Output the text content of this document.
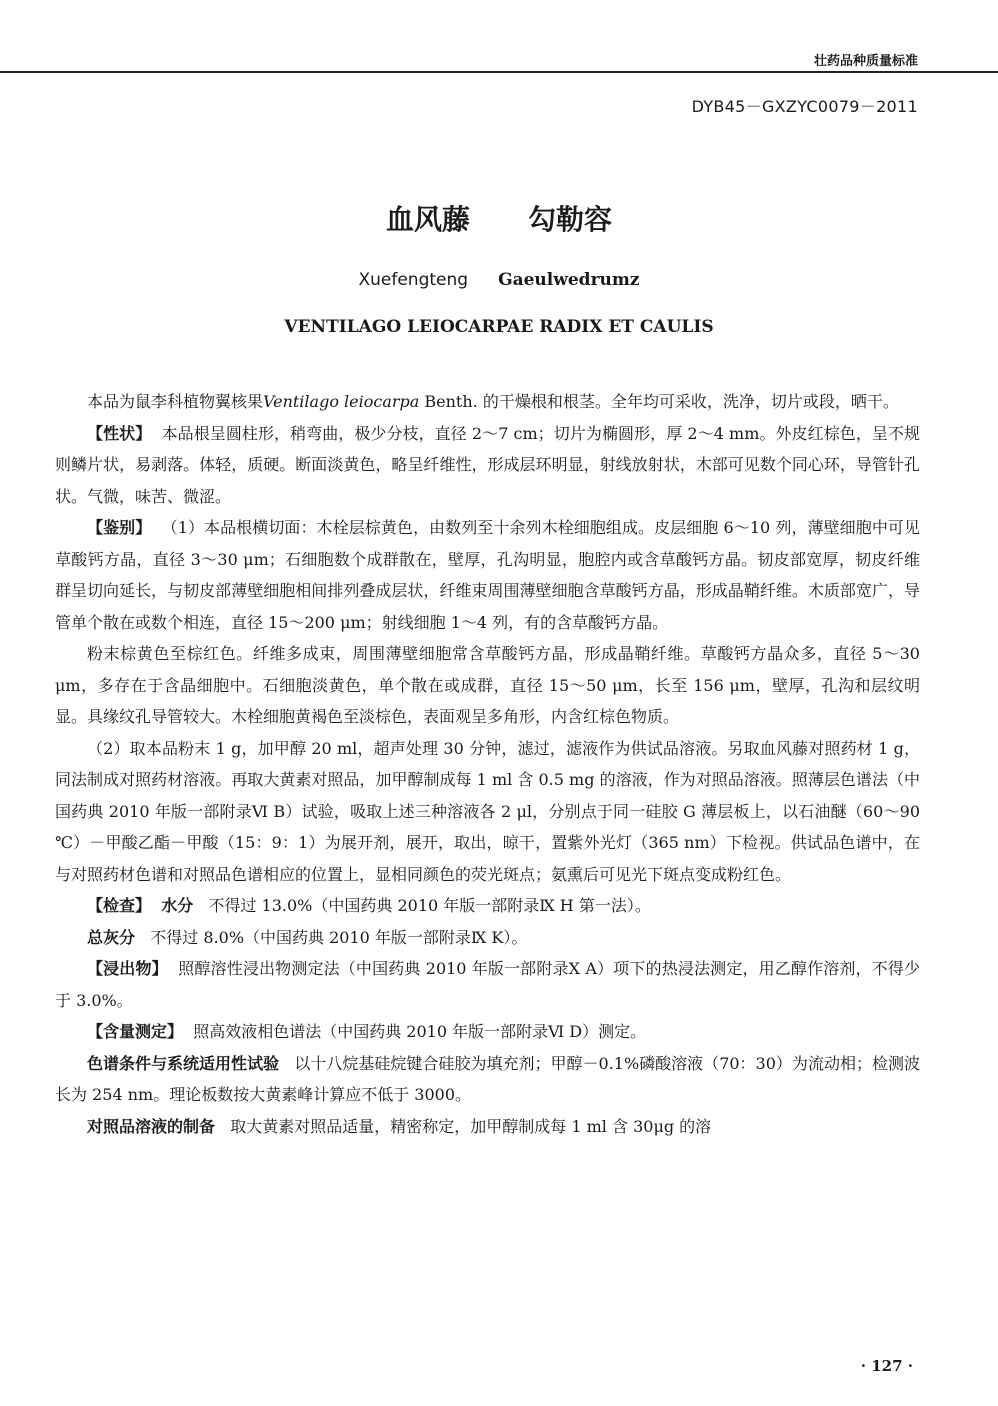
壮药品种质量标准
DYB45－GXZYC0079－2011
血风藤 勾勒容
Xuefengteng Gaeulwedrumz
VENTILAGO LEIOCARPAE RADIX ET CAULIS

本品为鼠李科植物翼核果Ventilago leiocarpa Benth. 的干燥根和根茎。全年均可采收，洗净，切片或段，晒干。

【性状】 本品根呈圆柱形，稍弯曲，极少分枝，直径 2～7 cm；切片为椭圆形，厚 2～4 mm。外皮红棕色，呈不规则鳞片状，易剥落。体轻，质硬。断面淡黄色，略呈纤维性，形成层环明显，射线放射状，木部可见数个同心环，导管针孔状。气微，味苦、微涩。

【鉴别】 （1）本品根横切面：木栓层棕黄色，由数列至十余列木栓细胞组成。皮层细胞 6～10 列，薄壁细胞中可见草酸钙方晶，直径 3～30 μm；石细胞数个成群散在，壁厚，孔沟明显，胞腔内或含草酸钙方晶。韧皮部宽厚，韧皮纤维群呈切向延长，与韧皮部薄壁细胞相间排列叠成层状，纤维束周围薄壁细胞含草酸钙方晶，形成晶鞘纤维。木质部宽广，导管单个散在或数个相连，直径 15～200 μm；射线细胞 1～4 列，有的含草酸钙方晶。

粉末棕黄色至棕红色。纤维多成束，周围薄壁细胞常含草酸钙方晶，形成晶鞘纤维。草酸钙方晶众多，直径 5～30 μm，多存在于含晶细胞中。石细胞淡黄色，单个散在或成群，直径 15～50 μm，长至 156 μm，壁厚，孔沟和层纹明显。具缘纹孔导管较大。木栓细胞黄褐色至淡棕色，表面观呈多角形，内含红棕色物质。

（2）取本品粉末 1 g，加甲醇 20 ml，超声处理 30 分钟，滤过，滤液作为供试品溶液。另取血风藤对照药材 1 g，同法制成对照药材溶液。再取大黄素对照品，加甲醇制成每 1 ml 含 0.5 mg 的溶液，作为对照品溶液。照薄层色谱法（中国药典 2010 年版一部附录Ⅵ B）试验，吸取上述三种溶液各 2 μl，分别点于同一硅胶 G 薄层板上，以石油醚（60～90 ℃）－甲酸乙酯－甲酸（15：9：1）为展开剂，展开，取出，晾干，置紫外光灯（365 nm）下检视。供试品色谱中，在与对照药材色谱和对照品色谱相应的位置上，显相同颜色的荧光斑点；氨熏后可见光下斑点变成粉红色。

【检查】 水分 不得过 13.0%（中国药典 2010 年版一部附录Ⅸ H 第一法）。

总灰分 不得过 8.0%（中国药典 2010 年版一部附录Ⅸ K）。

【浸出物】 照醇溶性浸出物测定法（中国药典 2010 年版一部附录Ⅹ A）项下的热浸法测定，用乙醇作溶剂，不得少于 3.0%。

【含量测定】 照高效液相色谱法（中国药典 2010 年版一部附录Ⅵ D）测定。

色谱条件与系统适用性试验 以十八烷基硅烷键合硅胶为填充剂；甲醇－0.1%磷酸溶液（70：30）为流动相；检测波长为 254 nm。理论板数按大黄素峰计算应不低于 3000。

对照品溶液的制备 取大黄素对照品适量，精密称定，加甲醇制成每 1 ml 含 30μg 的溶

· 127 ·
